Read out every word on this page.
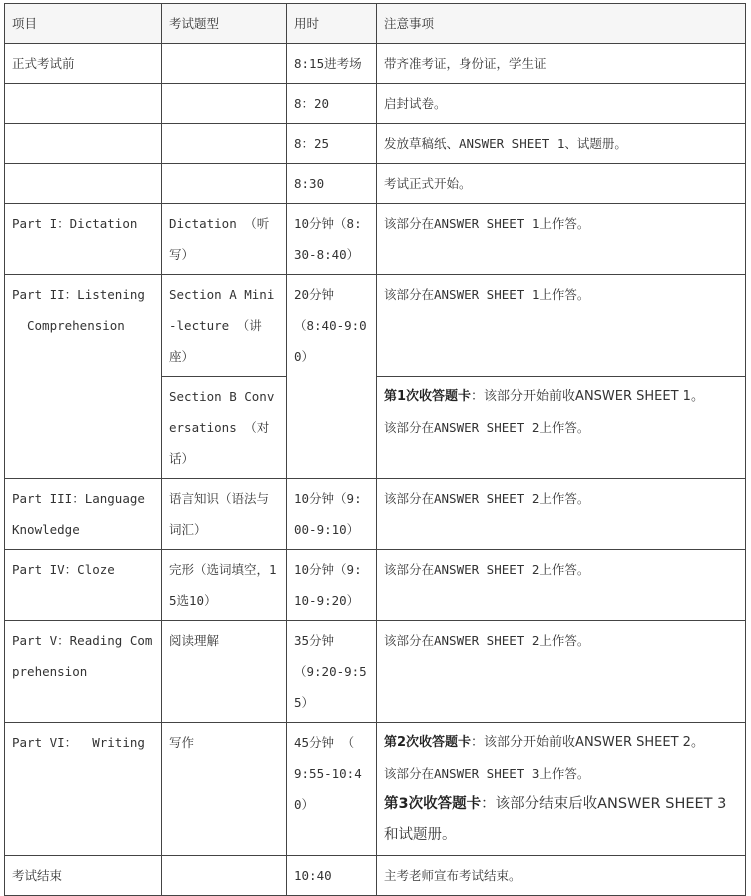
项目	考试题型	用时	注意事项
正式考试前		8:15进考场	带齐准考证，身份证，学生证
		8：20	启封试卷。
		8：25	发放草稿纸、ANSWER SHEET 1、试题册。
		8:30	考试正式开始。
Part I：Dictation	Dictation （听写）	10分钟（8:30-8:40）	该部分在ANSWER SHEET 1上作答。

Part II：Listening
Comprehension	Section A Mini-lecture （讲座）	20分钟 （8:40-9:00）	该部分在ANSWER SHEET 1上作答。
	Section B Conversations （对话）		第1次收答题卡：该部分开始前收ANSWER SHEET 1。
该部分在ANSWER SHEET 2上作答。

Part III：Language Knowledge	语言知识（语法与词汇）	10分钟（9:00-9:10）	该部分在ANSWER SHEET 2上作答。
Part IV：Cloze	完形（选词填空，15选10）	10分钟（9:10-9:20）	该部分在ANSWER SHEET 2上作答。
Part V：Reading Comprehension	阅读理解	35分钟 （9:20-9:55）	该部分在ANSWER SHEET 2上作答。
Part VI：  Writing	写作	45分钟 （ 9:55-10:40）	第2次收答题卡：该部分开始前收ANSWER SHEET 2。
该部分在ANSWER SHEET 3上作答。
第3次收答题卡：该部分结束后收ANSWER SHEET 3和试题册。

考试结束		10:40	主考老师宣布考试结束。
